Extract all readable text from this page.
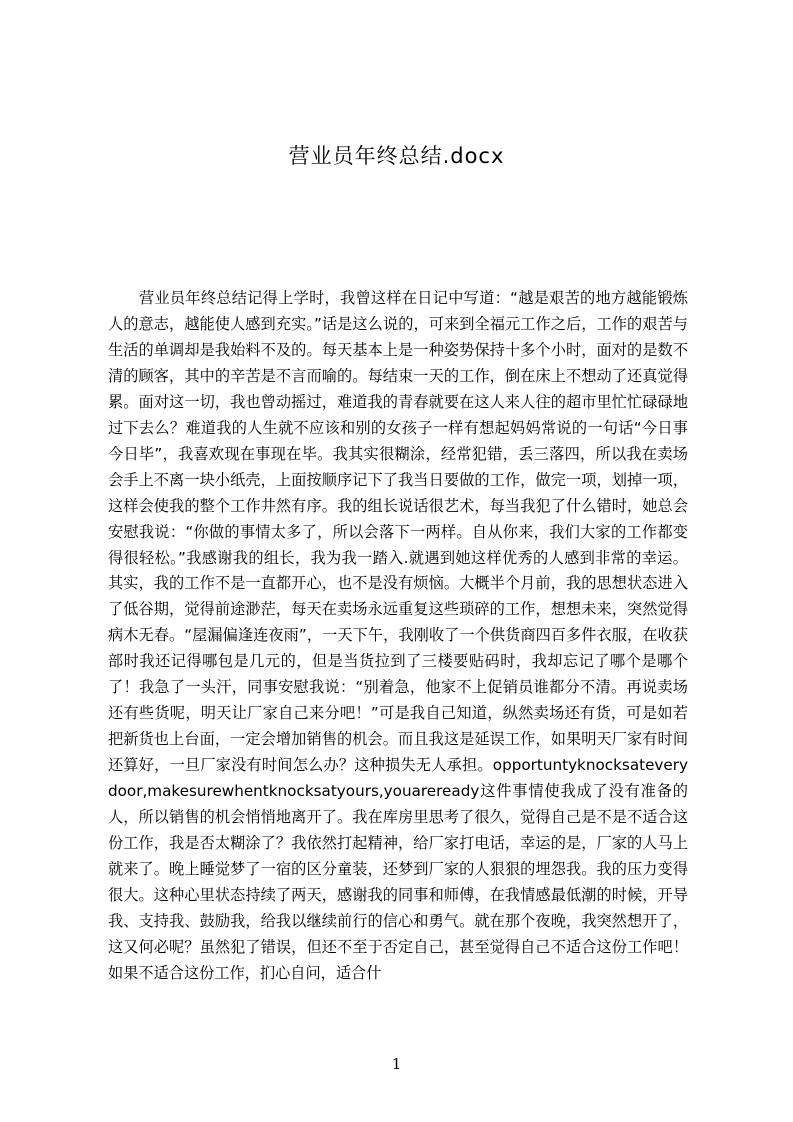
营业员年终总结.docx

营业员年终总结记得上学时，我曾这样在日记中写道：“越是艰苦的地方越能锻炼人的意志，越能使人感到充实。”话是这么说的，可来到全福元工作之后，工作的艰苦与生活的单调却是我始料不及的。每天基本上是一种姿势保持十多个小时，面对的是数不清的顾客，其中的辛苦是不言而喻的。每结束一天的工作，倒在床上不想动了还真觉得累。面对这一切，我也曾动摇过，难道我的青春就要在这人来人往的超市里忙忙碌碌地过下去么？难道我的人生就不应该和别的女孩子一样有想起妈妈常说的一句话“今日事今日毕”，我喜欢现在事现在毕。我其实很糊涂，经常犯错，丢三落四，所以我在卖场会手上不离一块小纸壳，上面按顺序记下了我当日要做的工作，做完一项，划掉一项，这样会使我的整个工作井然有序。我的组长说话很艺术，每当我犯了什么错时，她总会安慰我说：“你做的事情太多了，所以会落下一两样。自从你来，我们大家的工作都变得很轻松。”我感谢我的组长，我为我一踏入.就遇到她这样优秀的人感到非常的幸运。其实，我的工作不是一直都开心，也不是没有烦恼。大概半个月前，我的思想状态进入了低谷期，觉得前途渺茫，每天在卖场永远重复这些琐碎的工作，想想未来，突然觉得病木无春。“屋漏偏逢连夜雨”，一天下午，我刚收了一个供货商四百多件衣服，在收获部时我还记得哪包是几元的，但是当货拉到了三楼要贴码时，我却忘记了哪个是哪个了！我急了一头汗，同事安慰我说：“别着急，他家不上促销员谁都分不清。再说卖场还有些货呢，明天让厂家自己来分吧！”可是我自己知道，纵然卖场还有货，可是如若把新货也上台面，一定会增加销售的机会。而且我这是延误工作，如果明天厂家有时间还算好，一旦厂家没有时间怎么办？这种损失无人承担。opportuntyknocksateverydoor,makesurewhentknocksatyours,youareready这件事情使我成了没有准备的人，所以销售的机会悄悄地离开了。我在库房里思考了很久，觉得自己是不是不适合这份工作，我是否太糊涂了？我依然打起精神，给厂家打电话，幸运的是，厂家的人马上就来了。晚上睡觉梦了一宿的区分童装，还梦到厂家的人狠狠的埋怨我。我的压力变得很大。这种心里状态持续了两天，感谢我的同事和师傅，在我情感最低潮的时候，开导我、支持我、鼓励我，给我以继续前行的信心和勇气。就在那个夜晚，我突然想开了，这又何必呢？虽然犯了错误，但还不至于否定自己，甚至觉得自己不适合这份工作吧！如果不适合这份工作，扪心自问，适合什

1
